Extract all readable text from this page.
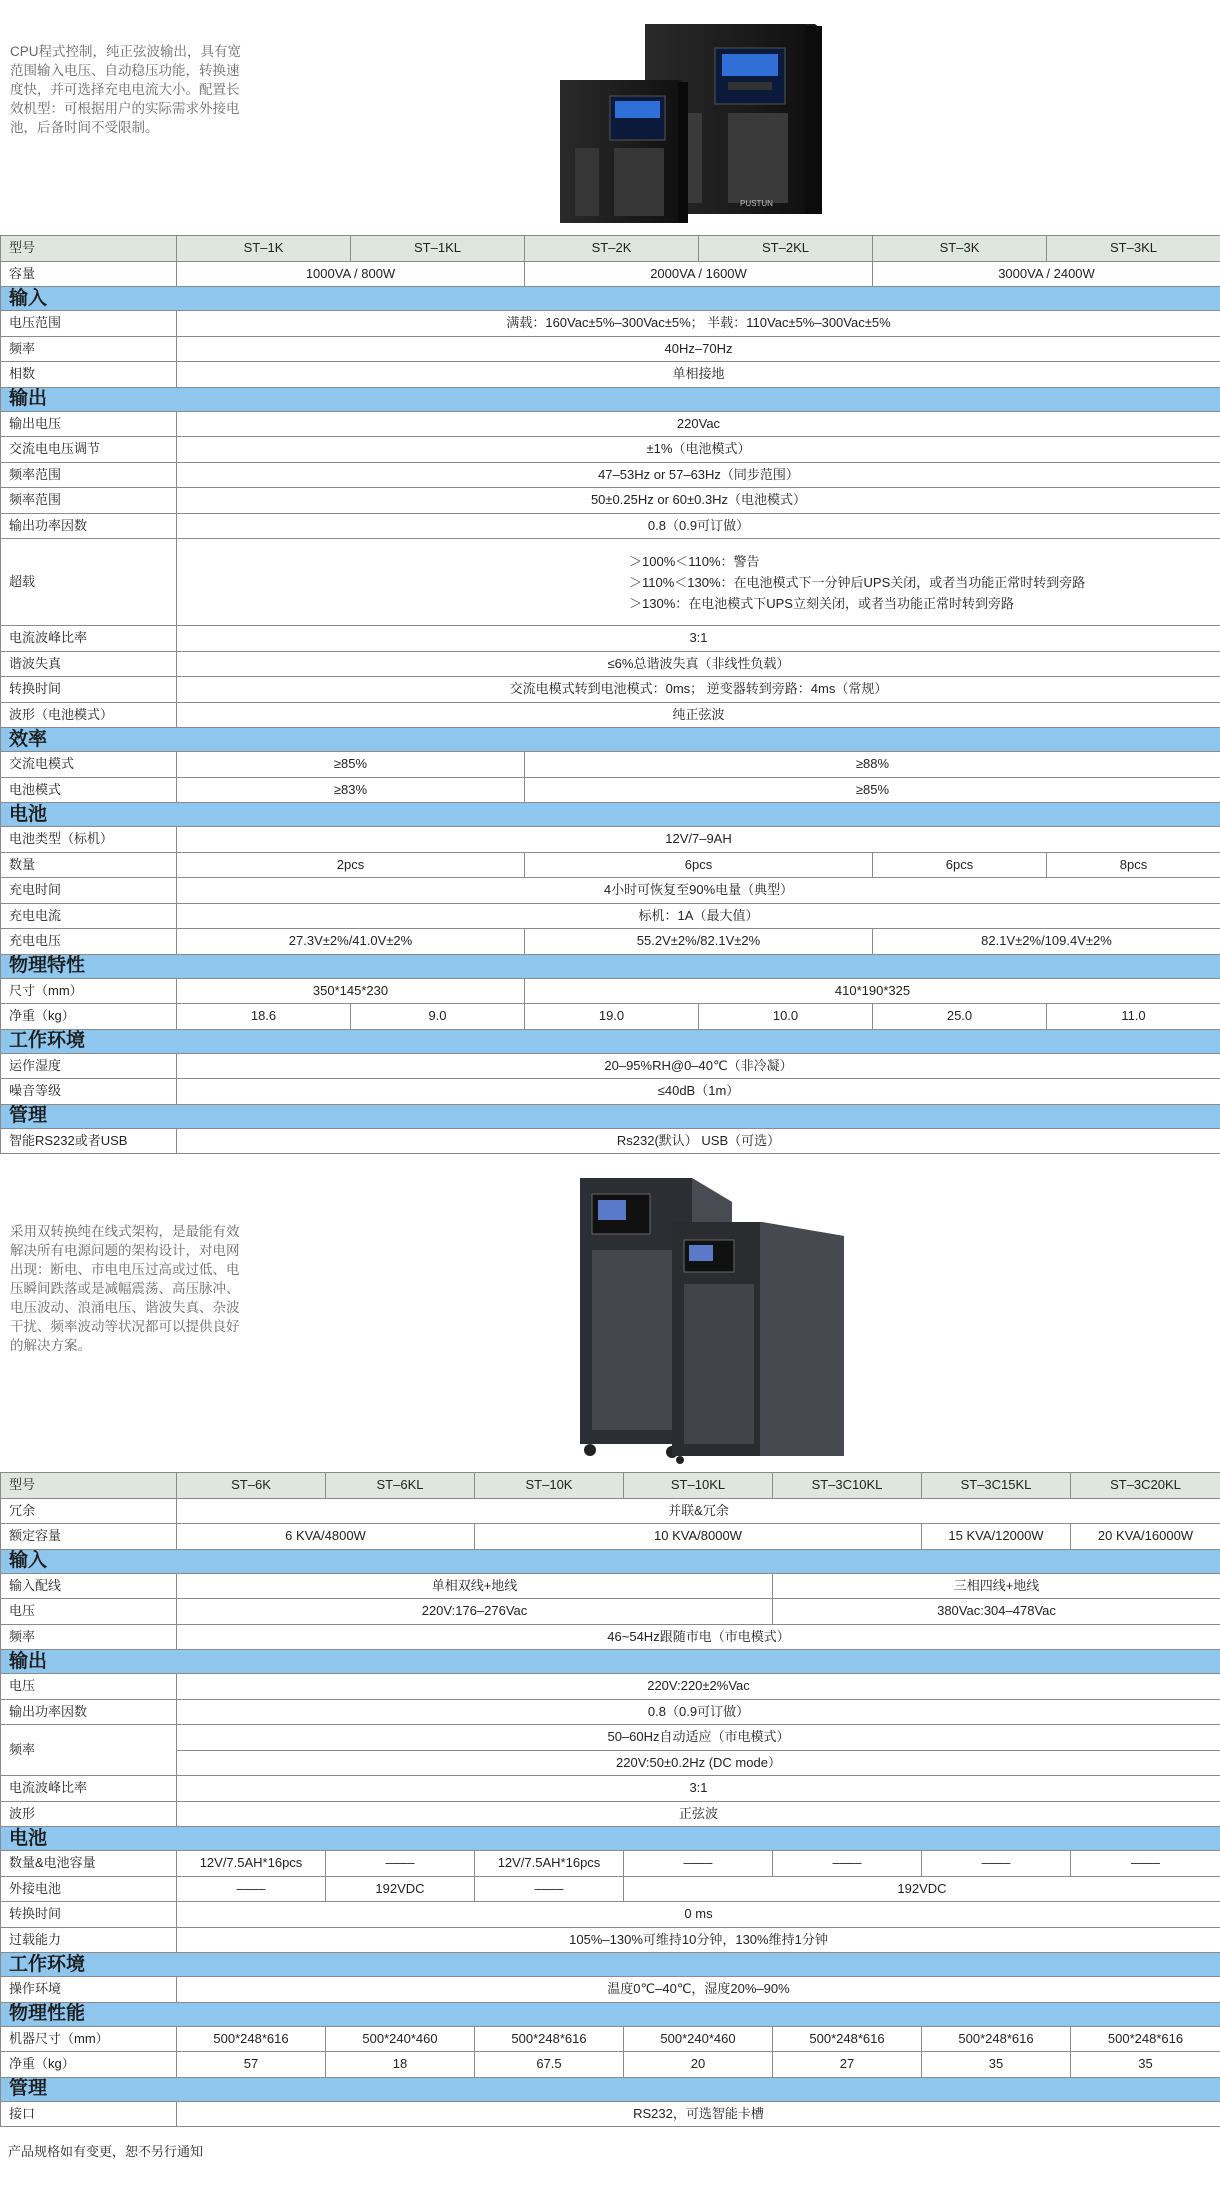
CPU程式控制，纯正弦波输出，具有宽范围输入电压、自动稳压功能，转换速度快，并可选择充电电流大小。配置长效机型：可根据用户的实际需求外接电池，后备时间不受限制。
PUSTUN
型号	ST–1K	ST–1KL	ST–2K	ST–2KL	ST–3K	ST–3KL
容量	1000VA / 800W		2000VA / 1600W		3000VA / 2400W	
输入						
电压范围	满载：160Vac±5%–300Vac±5%； 半载：110Vac±5%–300Vac±5%					
频率	40Hz–70Hz					
相数	单相接地					
输出						
输出电压	220Vac					
交流电电压调节	±1%（电池模式）					
频率范围	47–53Hz or 57–63Hz（同步范围）					
频率范围	50±0.25Hz or 60±0.3Hz（电池模式）					
输出功率因数	0.8（0.9可订做）					
超载	＞100%＜110%：警告
＞110%＜130%：在电池模式下一分钟后UPS关闭，或者当功能正常时转到旁路
＞130%：在电池模式下UPS立刻关闭，或者当功能正常时转到旁路					

电流波峰比率	3:1					
谐波失真	≤6%总谐波失真（非线性负载）					
转换时间	交流电模式转到电池模式：0ms； 逆变器转到旁路：4ms（常规）					
波形（电池模式）	纯正弦波					
效率						
交流电模式	≥85%		≥88%			
电池模式	≥83%		≥85%			
电池						
电池类型（标机）	12V/7–9AH					
数量	2pcs		6pcs		6pcs	8pcs
充电时间	4小时可恢复至90%电量（典型）					
充电电流	标机：1A（最大值）					
充电电压	27.3V±2%/41.0V±2%		55.2V±2%/82.1V±2%		82.1V±2%/109.4V±2%	
物理特性						
尺寸（mm）	350*145*230		410*190*325			
净重（kg）	18.6	9.0	19.0	10.0	25.0	11.0
工作环境						
运作湿度	20–95%RH@0–40℃（非冷凝）					
噪音等级	≤40dB（1m）					
管理						
智能RS232或者USB	Rs232(默认） USB（可选）					
采用双转换纯在线式架构，是最能有效解决所有电源问题的架构设计，对电网出现：断电、市电电压过高或过低、电压瞬间跌落或是减幅震荡、高压脉冲、电压波动、浪涌电压、谐波失真、杂波干扰、频率波动等状况都可以提供良好的解决方案。
型号	ST–6K	ST–6KL	ST–10K	ST–10KL	ST–3C10KL	ST–3C15KL	ST–3C20KL
冗余	并联&冗余						
额定容量	6 KVA/4800W		10 KVA/8000W			15 KVA/12000W	20 KVA/16000W
输入							
输入配线	单相双线+地线				三相四线+地线		
电压	220V:176–276Vac				380Vac:304–478Vac		
频率	46~54Hz跟随市电（市电模式）						
输出							
电压	220V:220±2%Vac						
输出功率因数	0.8（0.9可订做）						
频率	50–60Hz自动适应（市电模式）						
	220V:50±0.2Hz (DC mode）						
电流波峰比率	3:1						
波形	正弦波						
电池							
数量&电池容量	12V/7.5AH*16pcs	––––	12V/7.5AH*16pcs	––––	––––	––––	––––
外接电池	––––	192VDC	––––	192VDC			
转换时间	0 ms						
过载能力	105%–130%可维持10分钟，130%维持1分钟						
工作环境							
操作环境	温度0℃–40℃，湿度20%–90%						
物理性能							
机器尺寸（mm）	500*248*616	500*240*460	500*248*616	500*240*460	500*248*616	500*248*616	500*248*616
净重（kg）	57	18	67.5	20	27	35	35
管理							
接口	RS232，可选智能卡槽						
产品规格如有变更，恕不另行通知
